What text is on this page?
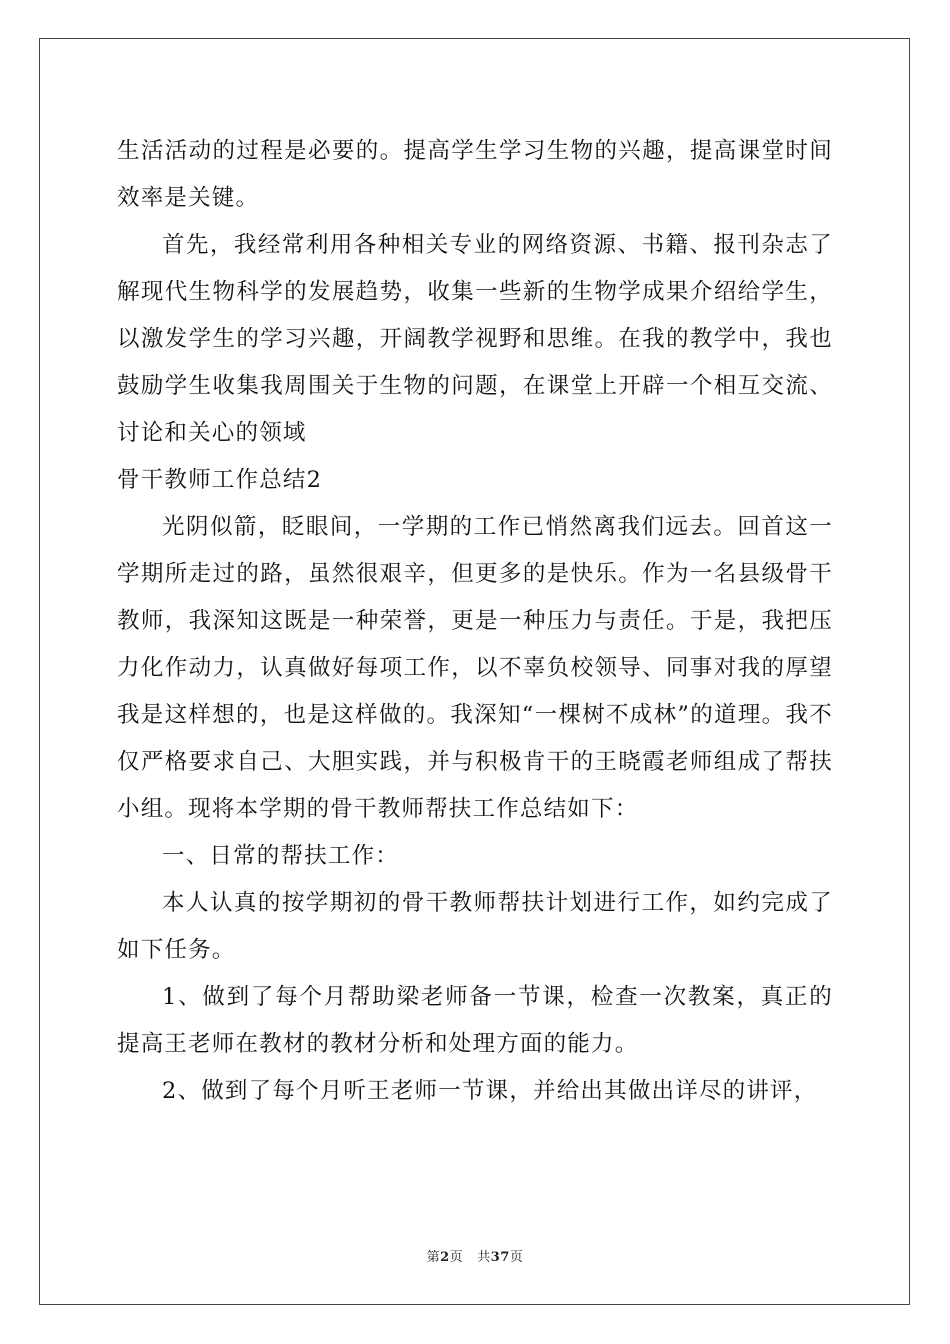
生活活动的过程是必要的。提高学生学习生物的兴趣，提高课堂时间效率是关键。

首先，我经常利用各种相关专业的网络资源、书籍、报刊杂志了解现代生物科学的发展趋势，收集一些新的生物学成果介绍给学生，以激发学生的学习兴趣，开阔教学视野和思维。在我的教学中，我也鼓励学生收集我周围关于生物的问题，在课堂上开辟一个相互交流、讨论和关心的领域

骨干教师工作总结2

光阴似箭，眨眼间，一学期的工作已悄然离我们远去。回首这一学期所走过的路，虽然很艰辛，但更多的是快乐。作为一名县级骨干教师，我深知这既是一种荣誉，更是一种压力与责任。于是，我把压力化作动力，认真做好每项工作，以不辜负校领导、同事对我的厚望我是这样想的，也是这样做的。我深知“一棵树不成林”的道理。我不仅严格要求自己、大胆实践，并与积极肯干的王晓霞老师组成了帮扶小组。现将本学期的骨干教师帮扶工作总结如下：

一、日常的帮扶工作：

本人认真的按学期初的骨干教师帮扶计划进行工作，如约完成了如下任务。

1、做到了每个月帮助梁老师备一节课，检查一次教案，真正的提高王老师在教材的教材分析和处理方面的能力。

2、做到了每个月听王老师一节课，并给出其做出详尽的讲评，

第2页 共37页
